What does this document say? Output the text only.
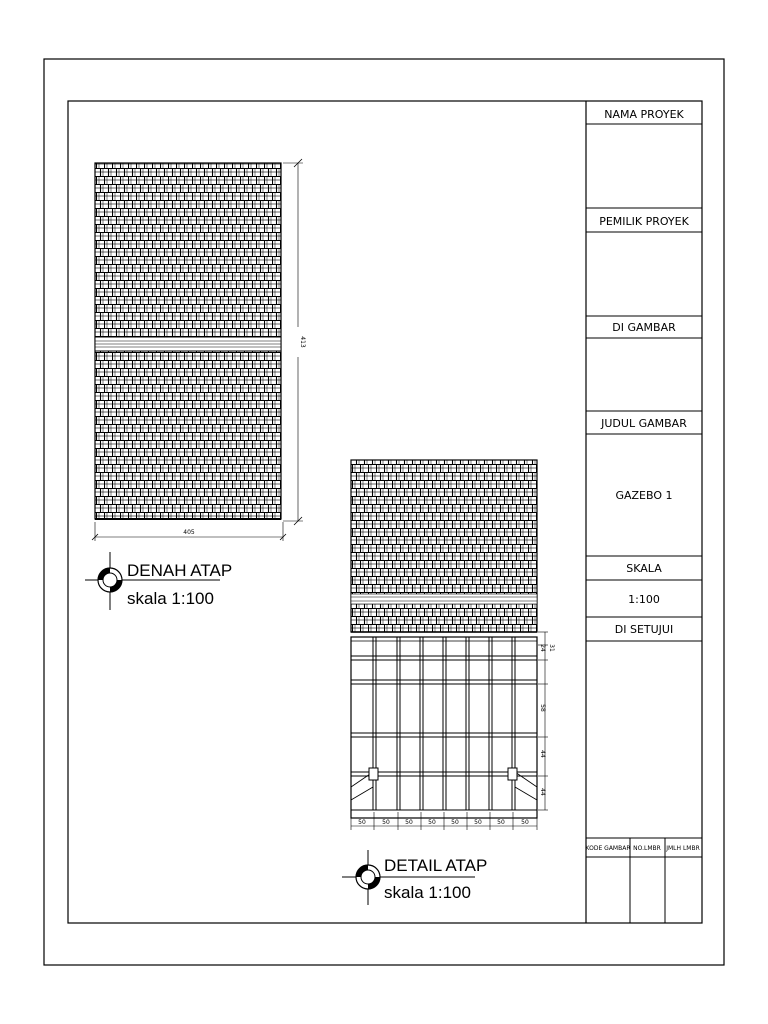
NAMA PROYEK
PEMILIK PROYEK
DI GAMBAR
JUDUL GAMBAR
GAZEBO 1
SKALA
1:100
DI SETUJUI
KODE GAMBAR NO.LMBR JMLH LMBR
413
405
DENAH ATAP
skala 1:100
24 31
58
44
44
50	50	50	50	50	50	50	50
DETAIL ATAP
skala 1:100
